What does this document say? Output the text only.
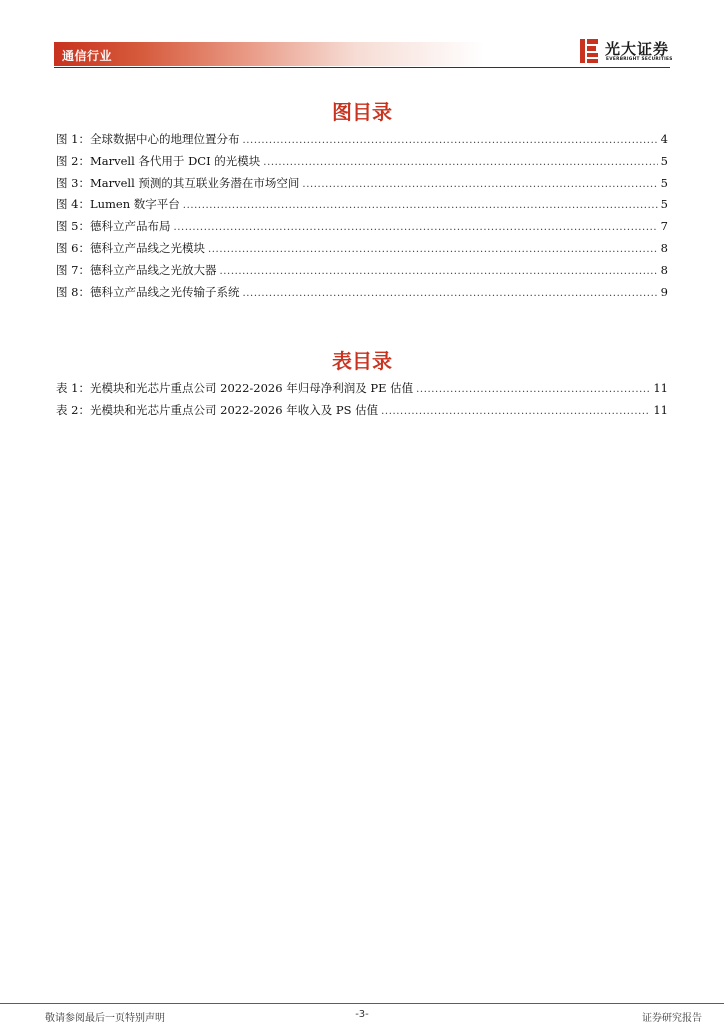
通信行业	光大证券
EVERBRIGHT SECURITIES
图目录
图 1：全球数据中心的地理位置分布 .....	4
图 2：Marvell 各代用于 DCI 的光模块 .....	5
图 3：Marvell 预测的其互联业务潜在市场空间 .....	5
图 4：Lumen 数字平台 .....	5
图 5：德科立产品布局 .....	7
图 6：德科立产品线之光模块 .....	8
图 7：德科立产品线之光放大器 .....	8
图 8：德科立产品线之光传输子系统 .....	9
表目录
表 1：光模块和光芯片重点公司 2022-2026 年归母净利润及 PE 估值 .....	11
表 2：光模块和光芯片重点公司 2022-2026 年收入及 PS 估值 .....	11
敬请参阅最后一页特别声明	-3-	证券研究报告
